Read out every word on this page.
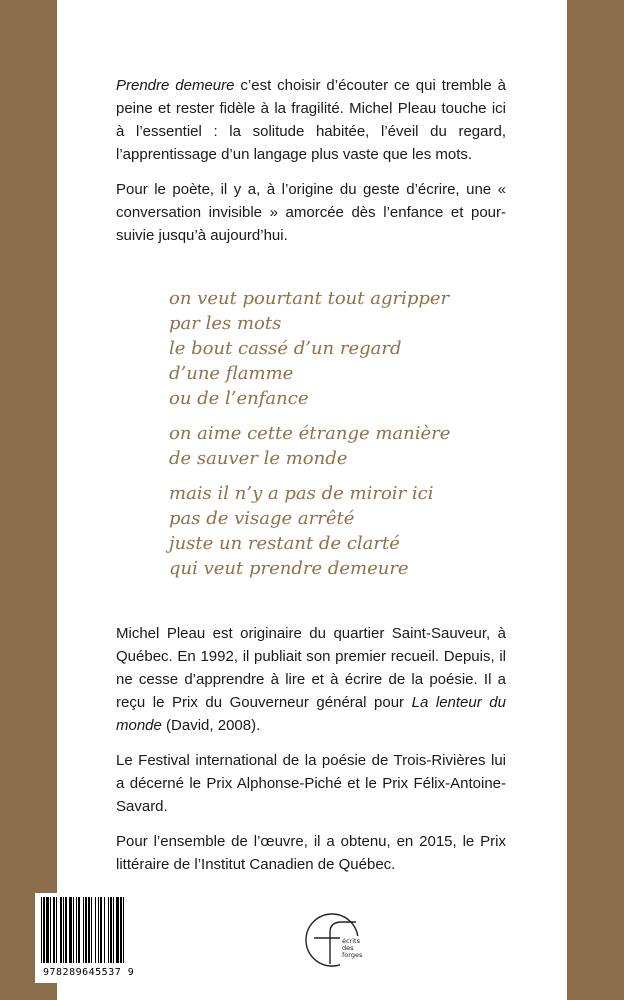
Prendre demeure c’est choisir d’écouter ce qui tremble à peine et rester fidèle à la fragilité. Michel Pleau touche ici à l’essentiel : la solitude habitée, l’éveil du regard, l’apprentissage d’un langage plus vaste que les mots.

Pour le poète, il y a, à l’origine du geste d’écrire, une « conversation invisible » amorcée dès l’enfance et poursuivie jusqu’à aujourd’hui.

on veut pourtant tout agripper
par les mots
le bout cassé d’un regard
d’une flamme
ou de l’enfance
on aime cette étrange manière
de sauver le monde
mais il n’y a pas de miroir ici
pas de visage arrêté
juste un restant de clarté
qui veut prendre demeure

Michel Pleau est originaire du quartier Saint-Sauveur, à Québec. En 1992, il publiait son premier recueil. Depuis, il ne cesse d’apprendre à lire et à écrire de la poésie. Il a reçu le Prix du Gouverneur général pour La lenteur du monde (David, 2008).

Le Festival international de la poésie de Trois-Rivières lui a décerné le Prix Alphonse-Piché et le Prix Félix-Antoine-Savard.

Pour l’ensemble de l’œuvre, il a obtenu, en 2015, le Prix littéraire de l’Institut Canadien de Québec.

978289645537 9
écrits
des
forges
